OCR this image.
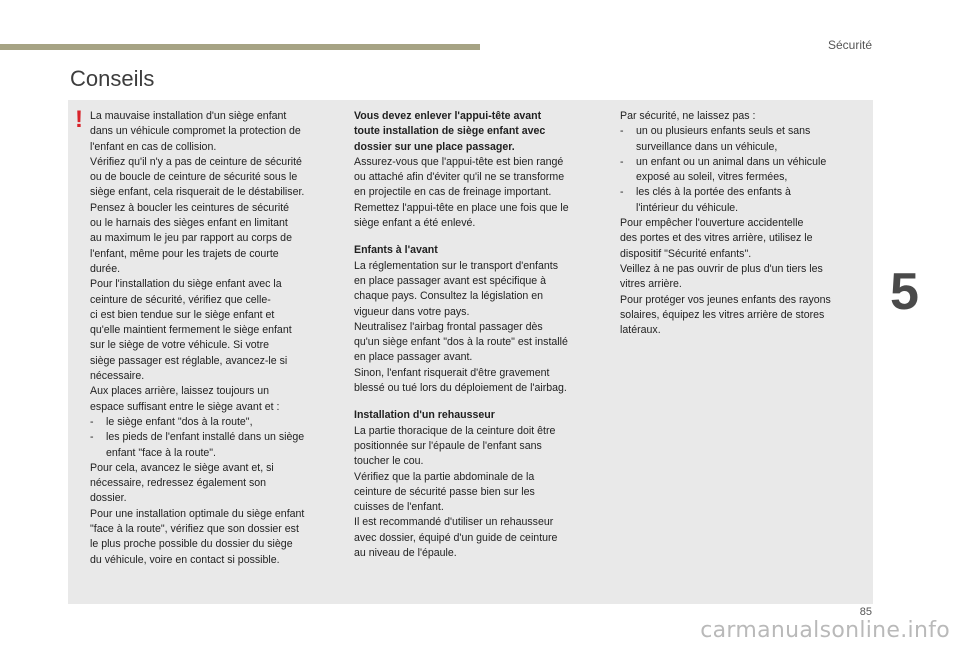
Sécurité
Conseils
! La mauvaise installation d'un siège enfant

dans un véhicule compromet la protection de

l'enfant en cas de collision.

Vérifiez qu'il n'y a pas de ceinture de sécurité

ou de boucle de ceinture de sécurité sous le

siège enfant, cela risquerait de le déstabiliser.

Pensez à boucler les ceintures de sécurité

ou le harnais des sièges enfant en limitant

au maximum le jeu par rapport au corps de

l'enfant, même pour les trajets de courte

durée.

Pour l'installation du siège enfant avec la

ceinture de sécurité, vérifiez que celle-

ci est bien tendue sur le siège enfant et

qu'elle maintient fermement le siège enfant

sur le siège de votre véhicule. Si votre

siège passager est réglable, avancez-le si

nécessaire.

Aux places arrière, laissez toujours un

espace suffisant entre le siège avant et :

-	le siège enfant "dos à la route",

-	les pieds de l'enfant installé dans un siège

enfant "face à la route".

Pour cela, avancez le siège avant et, si

nécessaire, redressez également son

dossier.

Pour une installation optimale du siège enfant

"face à la route", vérifiez que son dossier est

le plus proche possible du dossier du siège

du véhicule, voire en contact si possible.

Vous devez enlever l'appui-tête avant

toute installation de siège enfant avec

dossier sur une place passager.

Assurez-vous que l'appui-tête est bien rangé

ou attaché afin d'éviter qu'il ne se transforme

en projectile en cas de freinage important.

Remettez l'appui-tête en place une fois que le

siège enfant a été enlevé.

Enfants à l'avant

La réglementation sur le transport d'enfants

en place passager avant est spécifique à

chaque pays. Consultez la législation en

vigueur dans votre pays.

Neutralisez l'airbag frontal passager dès

qu'un siège enfant "dos à la route" est installé

en place passager avant.

Sinon, l'enfant risquerait d'être gravement

blessé ou tué lors du déploiement de l'airbag.

Installation d'un rehausseur

La partie thoracique de la ceinture doit être

positionnée sur l'épaule de l'enfant sans

toucher le cou.

Vérifiez que la partie abdominale de la

ceinture de sécurité passe bien sur les

cuisses de l'enfant.

Il est recommandé d'utiliser un rehausseur

avec dossier, équipé d'un guide de ceinture

au niveau de l'épaule.

Par sécurité, ne laissez pas :

-	un ou plusieurs enfants seuls et sans

surveillance dans un véhicule,

-	un enfant ou un animal dans un véhicule

exposé au soleil, vitres fermées,

-	les clés à la portée des enfants à

l'intérieur du véhicule.

Pour empêcher l'ouverture accidentelle

des portes et des vitres arrière, utilisez le

dispositif "Sécurité enfants".

Veillez à ne pas ouvrir de plus d'un tiers les

vitres arrière.

Pour protéger vos jeunes enfants des rayons

solaires, équipez les vitres arrière de stores

latéraux.

5
85
carmanualsonline.info
